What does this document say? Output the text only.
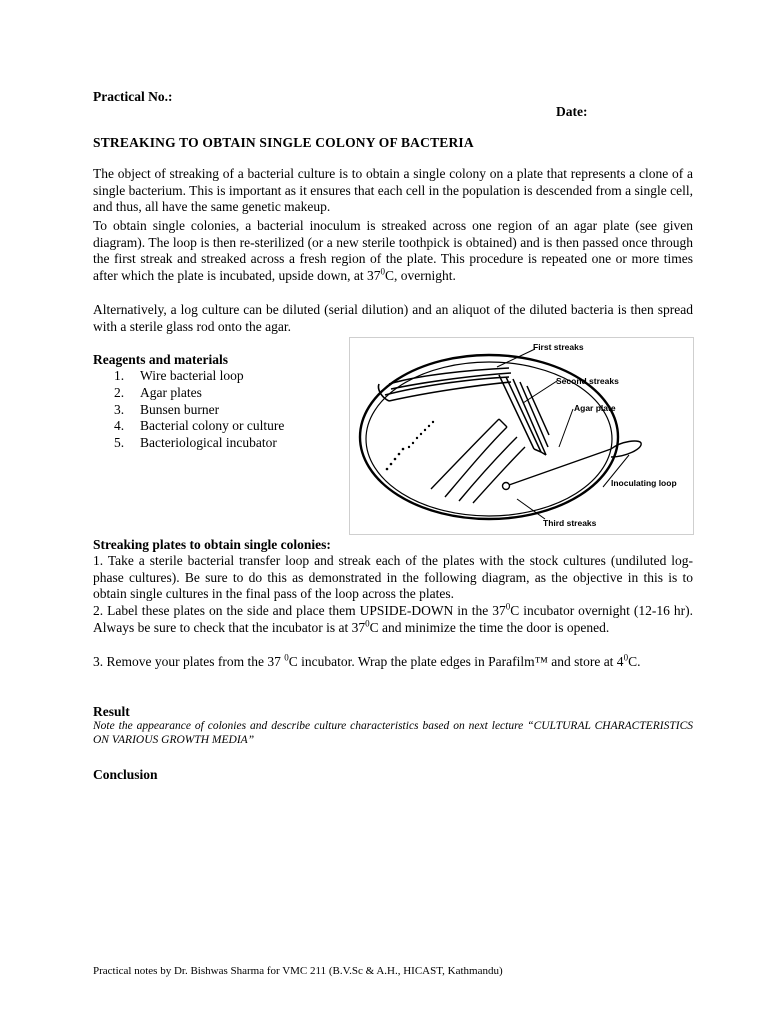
Practical No.:
Date:
STREAKING TO OBTAIN SINGLE COLONY OF BACTERIA
The object of streaking of a bacterial culture is to obtain a single colony on a plate that represents a clone of a single bacterium. This is important as it ensures that each cell in the population is descended from a single cell, and thus, all have the same genetic makeup.
To obtain single colonies, a bacterial inoculum is streaked across one region of an agar plate (see given diagram). The loop is then re-sterilized (or a new sterile toothpick is obtained) and is then passed once through the first streak and streaked across a fresh region of the plate. This procedure is repeated one or more times after which the plate is incubated, upside down, at $37^0C$, overnight.
Alternatively, a log culture can be diluted (serial dilution) and an aliquot of the diluted bacteria is then spread with a sterile glass rod onto the agar.
Reagents and materials
1. Wire bacterial loop
2. Agar plates
3. Bunsen burner
4. Bacterial colony or culture
5. Bacteriological incubator
First streaks
Second streaks
Agar plate
Inoculating loop
Third streaks
Streaking plates to obtain single colonies:
1. Take a sterile bacterial transfer loop and streak each of the plates with the stock cultures (undiluted log-phase cultures). Be sure to do this as demonstrated in the following diagram, as the objective in this is to obtain single cultures in the final pass of the loop across the plates.
2. Label these plates on the side and place them UPSIDE-DOWN in the $37^0C$ incubator overnight (12-16 hr). Always be sure to check that the incubator is at $37^0C$ and minimize the time the door is opened.
3. Remove your plates from the 37 $^0$C incubator. Wrap the plate edges in Parafilm™ and store at $4^0C$.
Result
Note the appearance of colonies and describe culture characteristics based on next lecture “CULTURAL CHARACTERISTICS ON VARIOUS GROWTH MEDIA”
Conclusion
Practical notes by Dr. Bishwas Sharma for VMC 211 (B.V.Sc & A.H., HICAST, Kathmandu)
